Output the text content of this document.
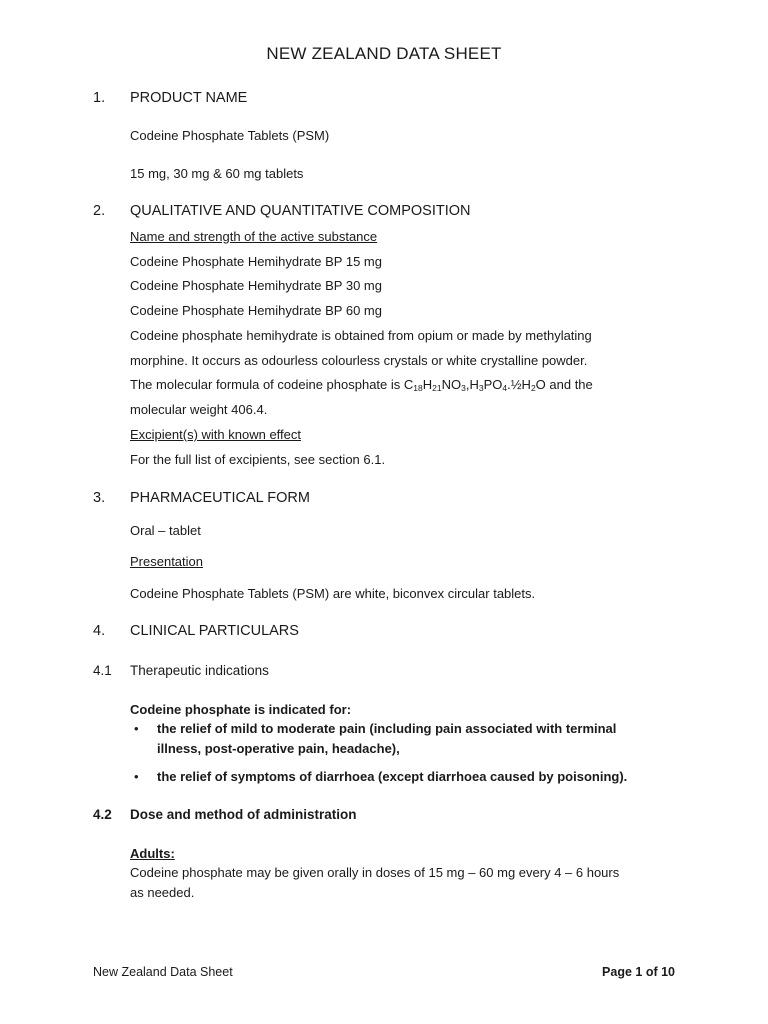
NEW ZEALAND DATA SHEET
1. PRODUCT NAME
Codeine Phosphate Tablets (PSM)
15 mg, 30 mg & 60 mg tablets
2. QUALITATIVE AND QUANTITATIVE COMPOSITION
Name and strength of the active substance
Codeine Phosphate Hemihydrate BP 15 mg
Codeine Phosphate Hemihydrate BP 30 mg
Codeine Phosphate Hemihydrate BP 60 mg
Codeine phosphate hemihydrate is obtained from opium or made by methylating
morphine. It occurs as odourless colourless crystals or white crystalline powder.
The molecular formula of codeine phosphate is $C_{18}H_{21}NO_3,H_3PO_4.\frac{1}{2}H_2O$ and the
molecular weight 406.4.
Excipient(s) with known effect
For the full list of excipients, see section 6.1.
3. PHARMACEUTICAL FORM
Oral – tablet
Presentation
Codeine Phosphate Tablets (PSM) are white, biconvex circular tablets.
4. CLINICAL PARTICULARS
4.1 Therapeutic indications
Codeine phosphate is indicated for:
• the relief of mild to moderate pain (including pain associated with terminal
illness, post-operative pain, headache),
• the relief of symptoms of diarrhoea (except diarrhoea caused by poisoning).
4.2 Dose and method of administration
Adults:
Codeine phosphate may be given orally in doses of 15 mg – 60 mg every 4 – 6 hours
as needed.
New Zealand Data Sheet	Page 1 of 10
